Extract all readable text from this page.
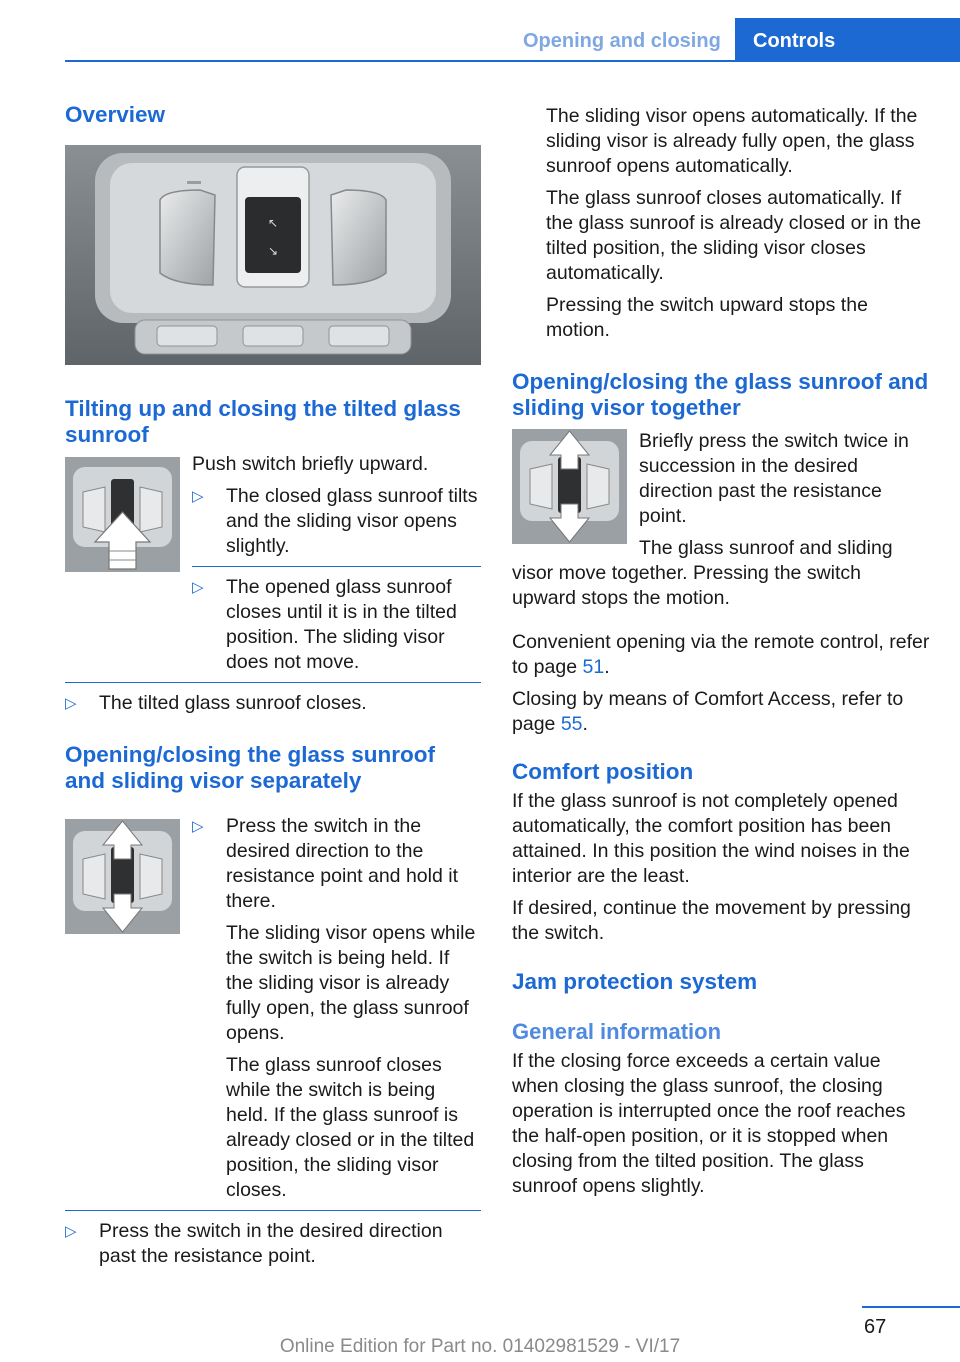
Opening and closing	Controls
Overview
↖
↘
Tilting up and closing the tilted glass sunroof

Push switch briefly upward.

▷	The closed glass sunroof tilts and the sliding visor opens slightly.
▷	The opened glass sunroof closes until it is in the tilted position. The sliding visor does not move.
▷	The tilted glass sunroof closes.
Opening/closing the glass sunroof and sliding visor separately
▷	Press the switch in the desired direction to the resistance point and hold it there.

The sliding visor opens while the switch is being held. If the sliding visor is already fully open, the glass sunroof opens.

The glass sunroof closes while the switch is being held. If the glass sunroof is already closed or in the tilted position, the sliding visor closes.

▷	Press the switch in the desired direction past the resistance point.

The sliding visor opens automatically. If the sliding visor is already fully open, the glass sunroof opens automatically.

The glass sunroof closes automatically. If the glass sunroof is already closed or in the tilted position, the sliding visor closes automatically.

Pressing the switch upward stops the motion.

Opening/closing the glass sunroof and sliding visor together

Briefly press the switch twice in succession in the desired direction past the resistance point.

The glass sunroof and sliding visor move together. Pressing the switch upward stops the motion.

Convenient opening via the remote control, refer to page 51.

Closing by means of Comfort Access, refer to page 55.

Comfort position

If the glass sunroof is not completely opened automatically, the comfort position has been attained. In this position the wind noises in the interior are the least.

If desired, continue the movement by pressing the switch.

Jam protection system
General information

If the closing force exceeds a certain value when closing the glass sunroof, the closing operation is interrupted once the roof reaches the half-open position, or it is stopped when closing from the tilted position. The glass sunroof opens slightly.

67
Online Edition for Part no. 01402981529 - VI/17
